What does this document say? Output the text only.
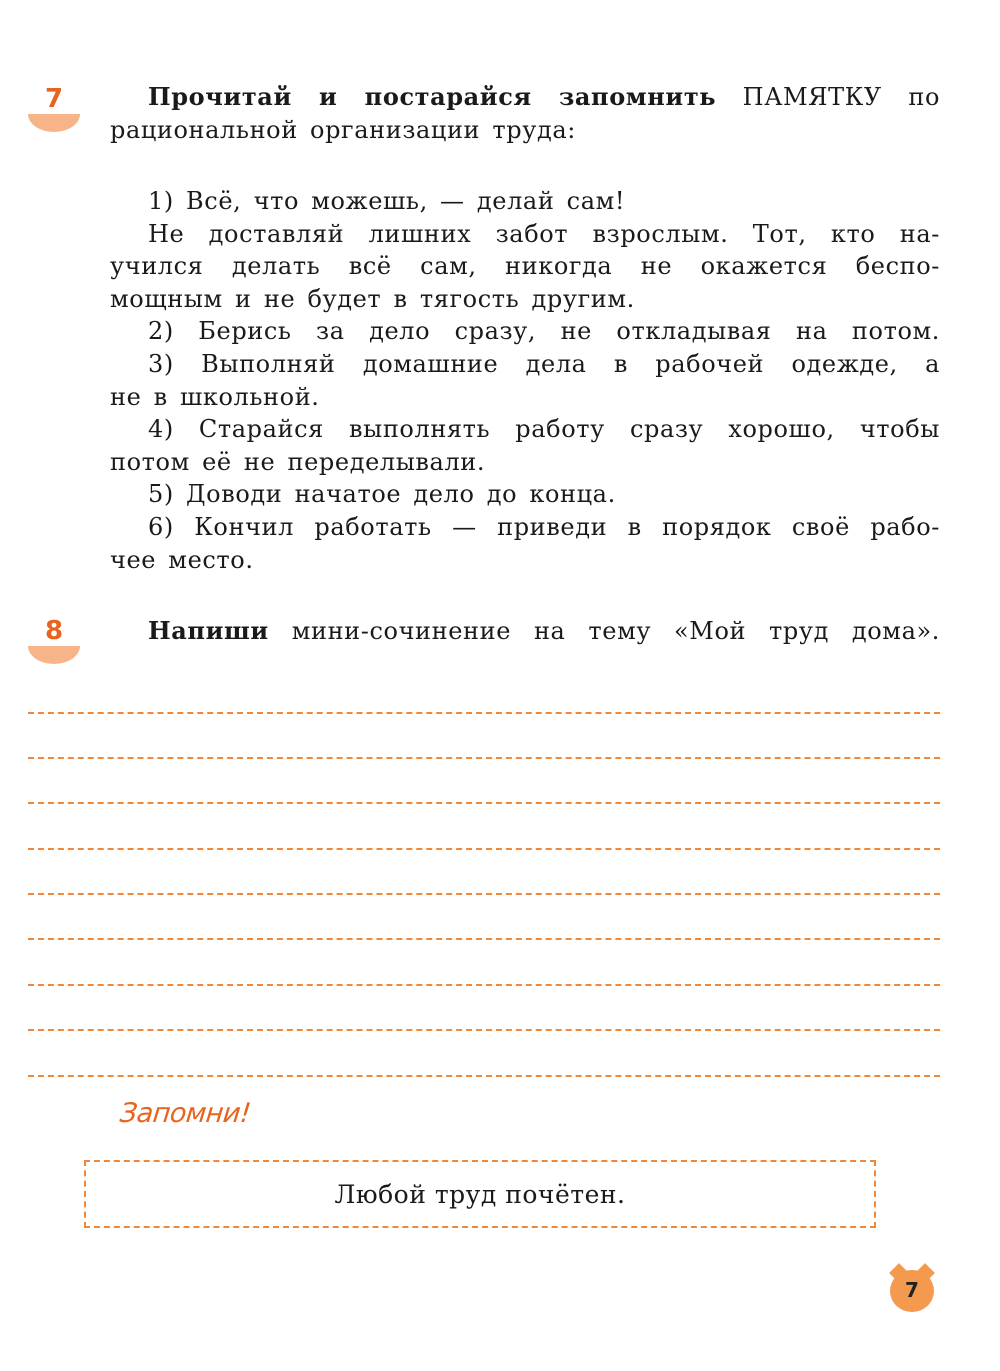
7	Прочитай и постарайся запомнить ПАМЯТКУ по
рациональной организации труда:
1) Всё, что можешь, — делай сам!
Не доставляй лишних забот взрослым. Тот, кто на-
учился делать всё сам, никогда не окажется беспо-
мощным и не будет в тягость другим.
2) Берись за дело сразу, не откладывая на потом.
3) Выполняй домашние дела в рабочей одежде, а
не в школьной.
4) Старайся выполнять работу сразу хорошо, чтобы
потом её не переделывали.
5) Доводи начатое дело до конца.
6) Кончил работать — приведи в порядок своё рабо-
чее место.
8	Напиши мини-сочинение на тему «Мой труд дома».
Запомни!
Любой труд почётен.
7
